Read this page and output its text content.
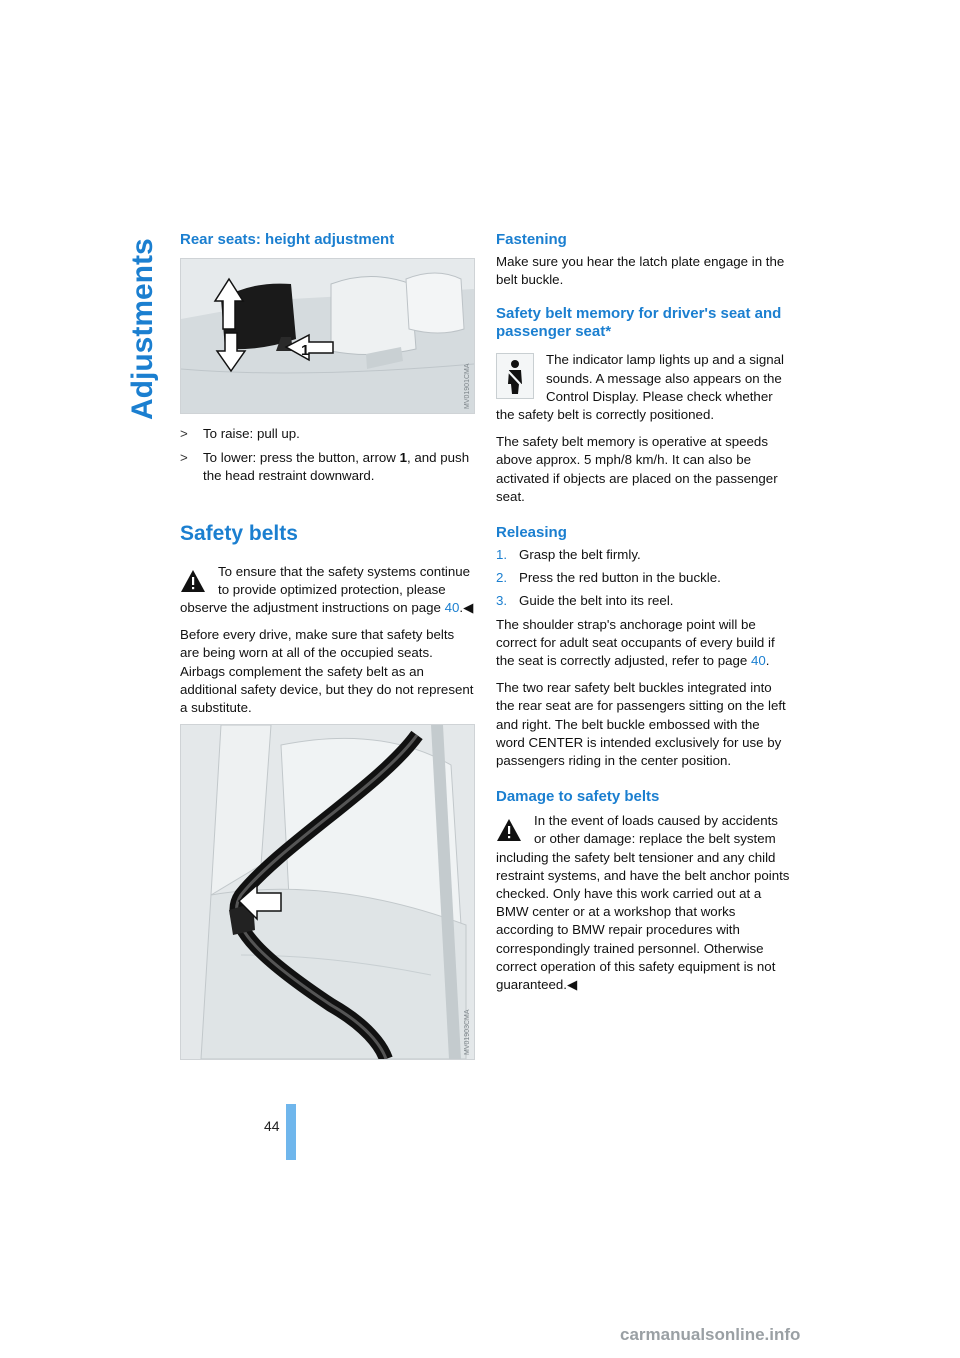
Adjustments Rear seats: height adjustment
1
MV01901CMA
>	To raise: pull up.
>	To lower: press the button, arrow 1, and push the head restraint downward.
Safety belts

To ensure that the safety systems continue to provide optimized protection, please observe the adjustment instructions on page 40.◀

Before every drive, make sure that safety belts are being worn at all of the occupied seats. Airbags complement the safety belt as an additional safety device, but they do not represent a substitute.

MV01903CMA
Fastening

Make sure you hear the latch plate engage in the belt buckle.

Safety belt memory for driver's seat and passenger seat*

The indicator lamp lights up and a signal sounds. A message also appears on the Control Display. Please check whether the safety belt is correctly positioned.

The safety belt memory is operative at speeds above approx. 5 mph/8 km/h. It can also be activated if objects are placed on the passenger seat.

Releasing
1. Grasp the belt firmly.
2. Press the red button in the buckle.
3. Guide the belt into its reel.

The shoulder strap's anchorage point will be correct for adult seat occupants of every build if the seat is correctly adjusted, refer to page 40.

The two rear safety belt buckles integrated into the rear seat are for passengers sitting on the left and right. The belt buckle embossed with the word CENTER is intended exclusively for use by passengers riding in the center position.

Damage to safety belts

In the event of loads caused by accidents or other damage: replace the belt system including the safety belt tensioner and any child restraint systems, and have the belt anchor points checked. Only have this work carried out at a BMW center or at a workshop that works according to BMW repair procedures with correspondingly trained personnel. Otherwise correct operation of this safety equipment is not guaranteed.◀

44
carmanualsonline.info
